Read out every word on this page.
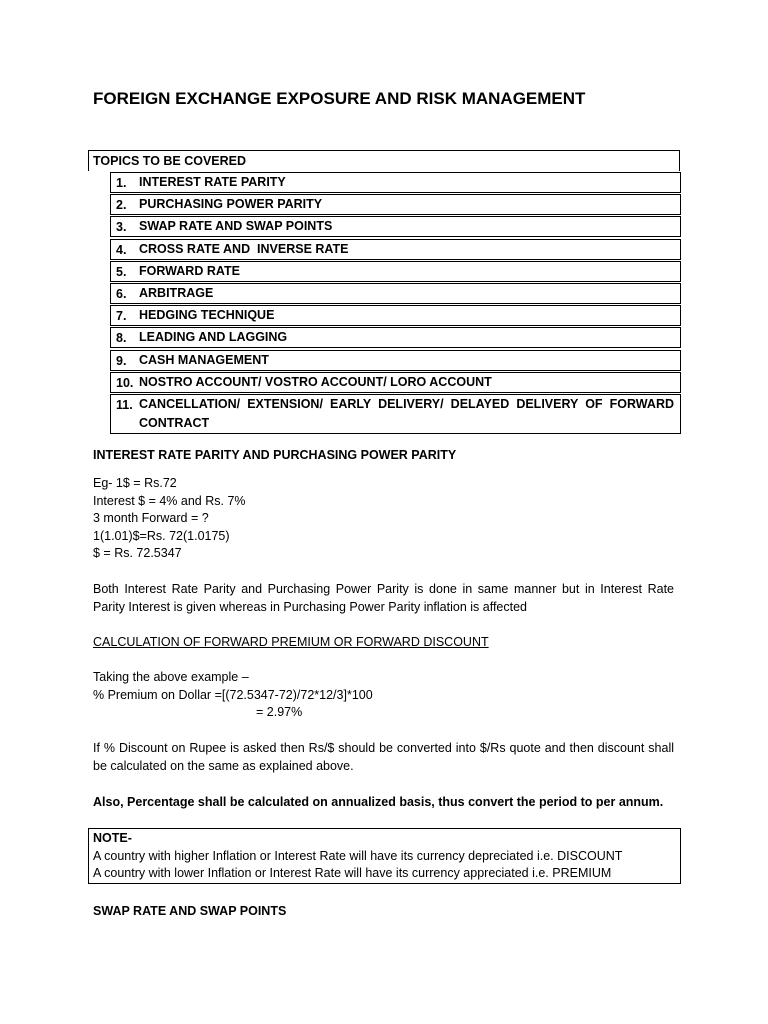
FOREIGN EXCHANGE EXPOSURE AND RISK MANAGEMENT
TOPICS TO BE COVERED
1.	INTEREST RATE PARITY
2.	PURCHASING POWER PARITY
3.	SWAP RATE AND SWAP POINTS
4.	CROSS RATE AND  INVERSE RATE
5.	FORWARD RATE
6.	ARBITRAGE
7.	HEDGING TECHNIQUE
8.	LEADING AND LAGGING
9.	CASH MANAGEMENT
10. NOSTRO ACCOUNT/ VOSTRO ACCOUNT/ LORO ACCOUNT
11. CANCELLATION/ EXTENSION/ EARLY DELIVERY/ DELAYED DELIVERY OF FORWARD CONTRACT
INTEREST RATE PARITY AND PURCHASING POWER PARITY
Eg- 1$ = Rs.72
Interest $ = 4% and Rs. 7%
3 month Forward = ?
1(1.01)$=Rs. 72(1.0175)
$ = Rs. 72.5347
Both Interest Rate Parity and Purchasing Power Parity is done in same manner but in Interest Rate Parity Interest is given whereas in Purchasing Power Parity inflation is affected
CALCULATION OF FORWARD PREMIUM OR FORWARD DISCOUNT
Taking the above example –
% Premium on Dollar =[(72.5347-72)/72*12/3]*100
= 2.97%
If % Discount on Rupee is asked then Rs/$ should be converted into $/Rs quote and then discount shall be calculated on the same as explained above.
Also, Percentage shall be calculated on annualized basis, thus convert the period to per annum.
NOTE-
A country with higher Inflation or Interest Rate will have its currency depreciated i.e. DISCOUNT
A country with lower Inflation or Interest Rate will have its currency appreciated i.e. PREMIUM
SWAP RATE AND SWAP POINTS
